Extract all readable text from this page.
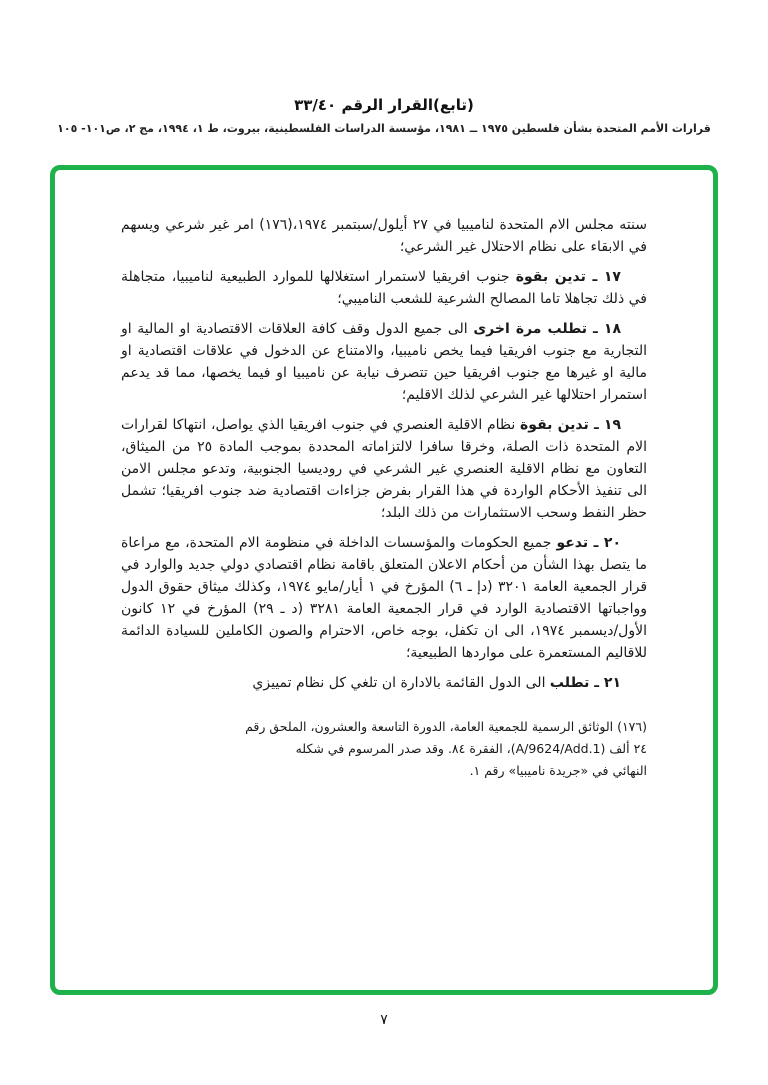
(تابع)القرار الرقم ٣٣/٤٠
قرارات الأمم المتحدة بشأن فلسطين ١٩٧٥ ــ ١٩٨١، مؤسسة الدراسات الفلسطينية، بيروت، ط ١، ١٩٩٤، مج ٢، ص١٠١- ١٠٥

سنته مجلس الام المتحدة لناميبيا في ٢٧ أيلول/سبتمبر ١٩٧٤،(١٧٦) امر غير شرعي ويسهم في الابقاء على نظام الاحتلال غير الشرعي؛

١٧ ـ تدين بقوة جنوب افريقيا لاستمرار استغلالها للموارد الطبيعية لناميبيا، متجاهلة في ذلك تجاهلا تاما المصالح الشرعية للشعب الناميبي؛

١٨ ـ تطلب مرة اخرى الى جميع الدول وقف كافة العلاقات الاقتصادية او المالية او التجارية مع جنوب افريقيا فيما يخص ناميبيا، والامتناع عن الدخول في علاقات اقتصادية او مالية او غيرها مع جنوب افريقيا حين تتصرف نيابة عن ناميبيا او فيما يخصها، مما قد يدعم استمرار احتلالها غير الشرعي لذلك الاقليم؛

١٩ ـ تدين بقوة نظام الاقلية العنصري في جنوب افريقيا الذي يواصل، انتهاكا لقرارات الام المتحدة ذات الصلة، وخرقا سافرا لالتزاماته المحددة بموجب المادة ٢٥ من الميثاق، التعاون مع نظام الاقلية العنصري غير الشرعي في روديسيا الجنوبية، وتدعو مجلس الامن الى تنفيذ الأحكام الواردة في هذا القرار بفرض جزاءات اقتصادية ضد جنوب افريقيا؛ تشمل حظر النفط وسحب الاستثمارات من ذلك البلد؛

٢٠ ـ تدعو جميع الحكومات والمؤسسات الداخلة في منظومة الام المتحدة، مع مراعاة ما يتصل بهذا الشأن من أحكام الاعلان المتعلق باقامة نظام اقتصادي دولي جديد والوارد في قرار الجمعية العامة ٣٢٠١ (دإ ـ ٦) المؤرخ في ١ أيار/مايو ١٩٧٤، وكذلك ميثاق حقوق الدول وواجباتها الاقتصادية الوارد في قرار الجمعية العامة ٣٢٨١ (د ـ ٢٩) المؤرخ في ١٢ كانون الأول/ديسمبر ١٩٧٤، الى ان تكفل، بوجه خاص، الاحترام والصون الكاملين للسيادة الدائمة للاقاليم المستعمرة على مواردها الطبيعية؛

٢١ ـ تطلب الى الدول القائمة بالادارة ان تلغي كل نظام تمييزي

(١٧٦) الوثائق الرسمية للجمعية العامة، الدورة التاسعة والعشرون، الملحق رقم
٢٤ ألف (A/9624/Add.1)، الفقرة ٨٤. وقد صدر المرسوم في شكله
النهائي في «جريدة ناميبيا» رقم ١.
٧
